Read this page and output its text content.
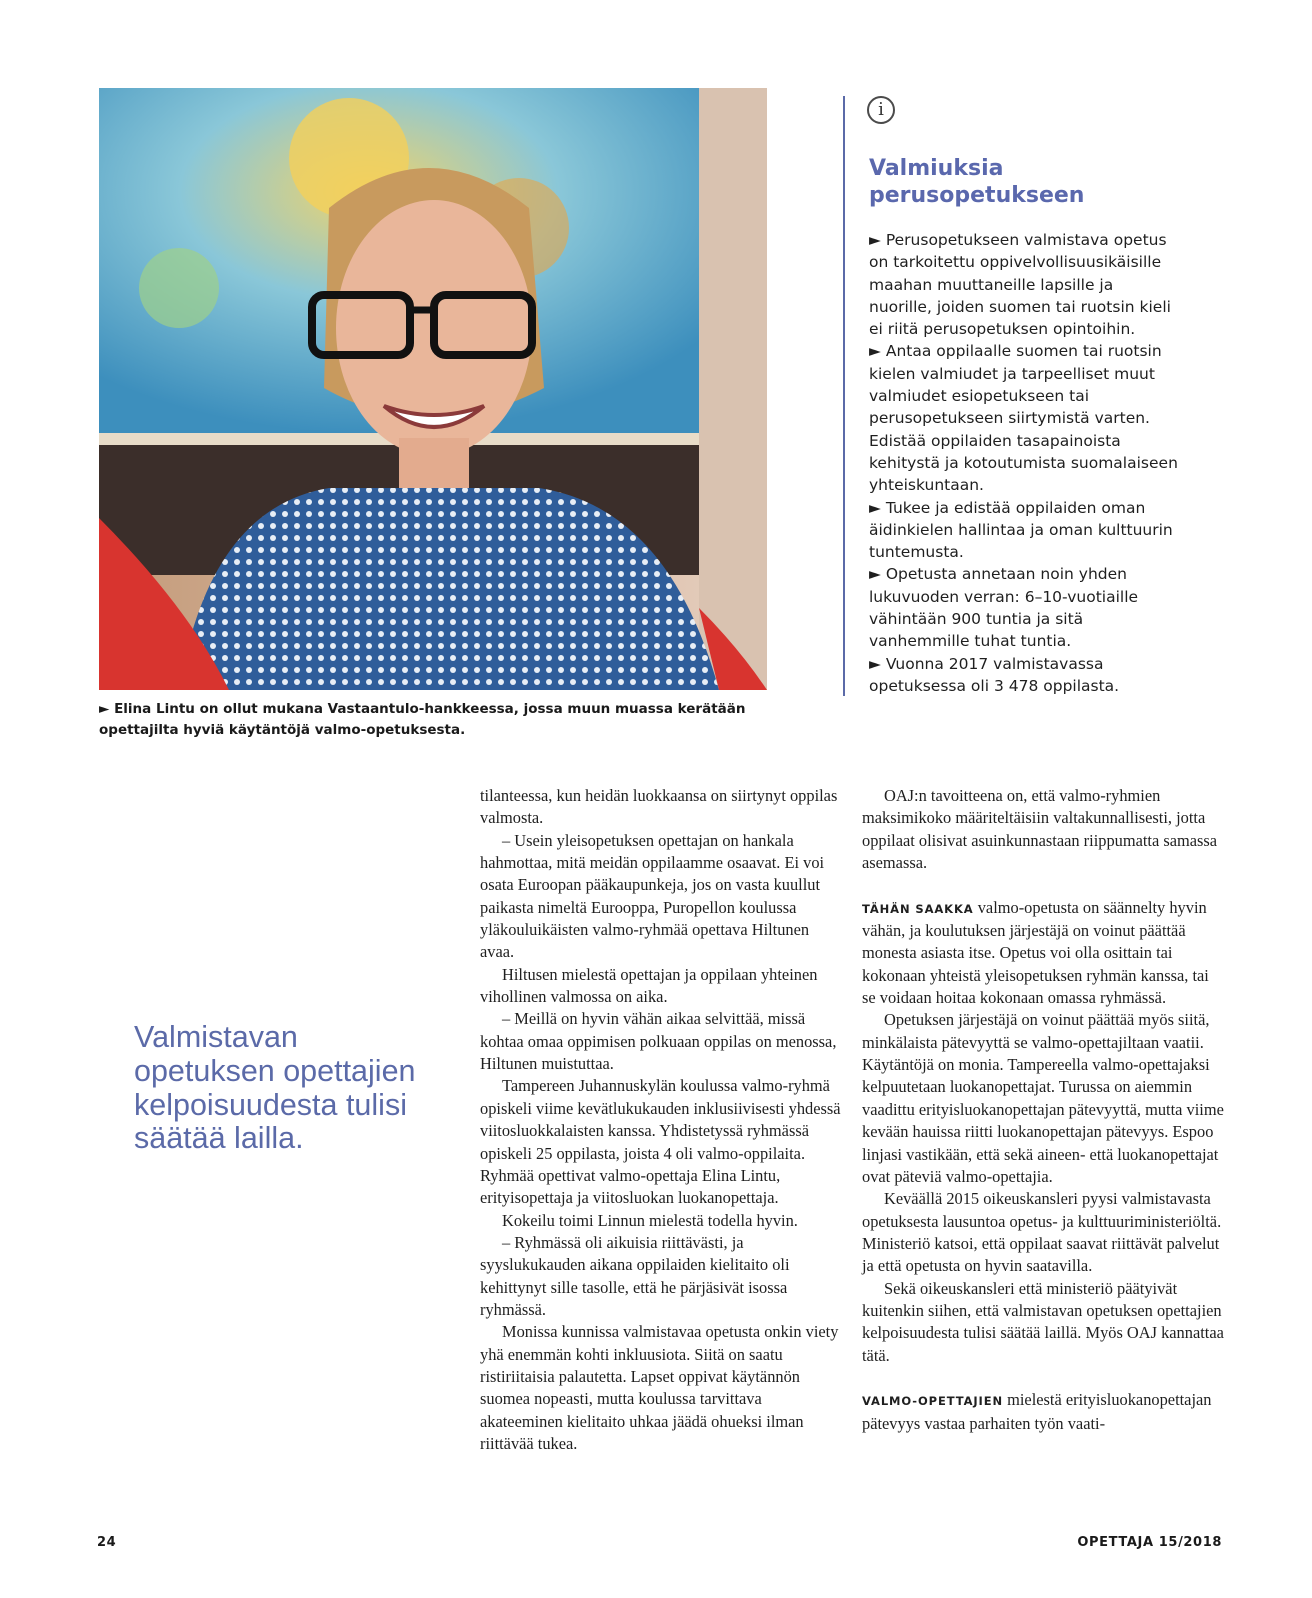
► Elina Lintu on ollut mukana Vastaantulo-hankkeessa, jossa muun muassa kerätään opettajilta hyviä käytäntöjä valmo-opetuksesta.

i
Valmiuksia perusopetukseen

► Perusopetukseen valmistava opetus on tarkoitettu oppivelvollisuusikäisille maahan muuttaneille lapsille ja nuorille, joiden suomen tai ruotsin kieli ei riitä perusopetuksen opintoihin.

► Antaa oppilaalle suomen tai ruotsin kielen valmiudet ja tarpeelliset muut valmiudet esiopetukseen tai perusopetukseen siirtymistä varten. Edistää oppilaiden tasapainoista kehitystä ja kotoutumista suomalaiseen yhteiskuntaan.

► Tukee ja edistää oppilaiden oman äidinkielen hallintaa ja oman kulttuurin tuntemusta.

► Opetusta annetaan noin yhden lukuvuoden verran: 6–10-vuotiaille vähintään 900 tuntia ja sitä vanhemmille tuhat tuntia.

► Vuonna 2017 valmistavassa opetuksessa oli 3 478 oppilasta.

Valmistavan opetuksen opettajien kelpoisuudesta tulisi säätää lailla.

tilanteessa, kun heidän luokkaansa on siirtynyt oppilas valmosta.

– Usein yleisopetuksen opettajan on hankala hahmottaa, mitä meidän oppilaamme osaavat. Ei voi osata Euroopan pääkaupunkeja, jos on vasta kuullut paikasta nimeltä Eurooppa, Puropellon koulussa yläkouluikäisten valmo-ryhmää opettava Hiltunen avaa.

Hiltusen mielestä opettajan ja oppilaan yhteinen vihollinen valmossa on aika.

– Meillä on hyvin vähän aikaa selvittää, missä kohtaa omaa oppimisen polkuaan oppilas on menossa, Hiltunen muistuttaa.

Tampereen Juhannuskylän koulussa valmo-ryhmä opiskeli viime kevätlukukauden inklusiivisesti yhdessä viitosluokkalaisten kanssa. Yhdistetyssä ryhmässä opiskeli 25 oppilasta, joista 4 oli valmo-oppilaita. Ryhmää opettivat valmo-opettaja Elina Lintu, erityisopettaja ja viitosluokan luokanopettaja.

Kokeilu toimi Linnun mielestä todella hyvin.

– Ryhmässä oli aikuisia riittävästi, ja syyslukukauden aikana oppilaiden kielitaito oli kehittynyt sille tasolle, että he pärjäsivät isossa ryhmässä.

Monissa kunnissa valmistavaa opetusta onkin viety yhä enemmän kohti inkluusiota. Siitä on saatu ristiriitaisia palautetta. Lapset oppivat käytännön suomea nopeasti, mutta koulussa tarvittava akateeminen kielitaito uhkaa jäädä ohueksi ilman riittävää tukea.

OAJ:n tavoitteena on, että valmo-ryhmien maksimikoko määriteltäisiin valtakunnallisesti, jotta oppilaat olisivat asuinkunnastaan riippumatta samassa asemassa.

TÄHÄN SAAKKA valmo-opetusta on säännelty hyvin vähän, ja koulutuksen järjestäjä on voinut päättää monesta asiasta itse. Opetus voi olla osittain tai kokonaan yhteistä yleisopetuksen ryhmän kanssa, tai se voidaan hoitaa kokonaan omassa ryhmässä.

Opetuksen järjestäjä on voinut päättää myös siitä, minkälaista pätevyyttä se valmo-opettajiltaan vaatii. Käytäntöjä on monia. Tampereella valmo-opettajaksi kelpuutetaan luokanopettajat. Turussa on aiemmin vaadittu erityisluokanopettajan pätevyyttä, mutta viime kevään hauissa riitti luokanopettajan pätevyys. Espoo linjasi vastikään, että sekä aineen- että luokanopettajat ovat päteviä valmo-opettajia.

Keväällä 2015 oikeuskansleri pyysi valmistavasta opetuksesta lausuntoa opetus- ja kulttuuriministeriöltä. Ministeriö katsoi, että oppilaat saavat riittävät palvelut ja että opetusta on hyvin saatavilla.

Sekä oikeuskansleri että ministeriö päätyivät kuitenkin siihen, että valmistavan opetuksen opettajien kelpoisuudesta tulisi säätää laillä. Myös OAJ kannattaa tätä.

VALMO-OPETTAJIEN mielestä erityisluokanopettajan pätevyys vastaa parhaiten työn vaati-

24	OPETTAJA 15/2018
